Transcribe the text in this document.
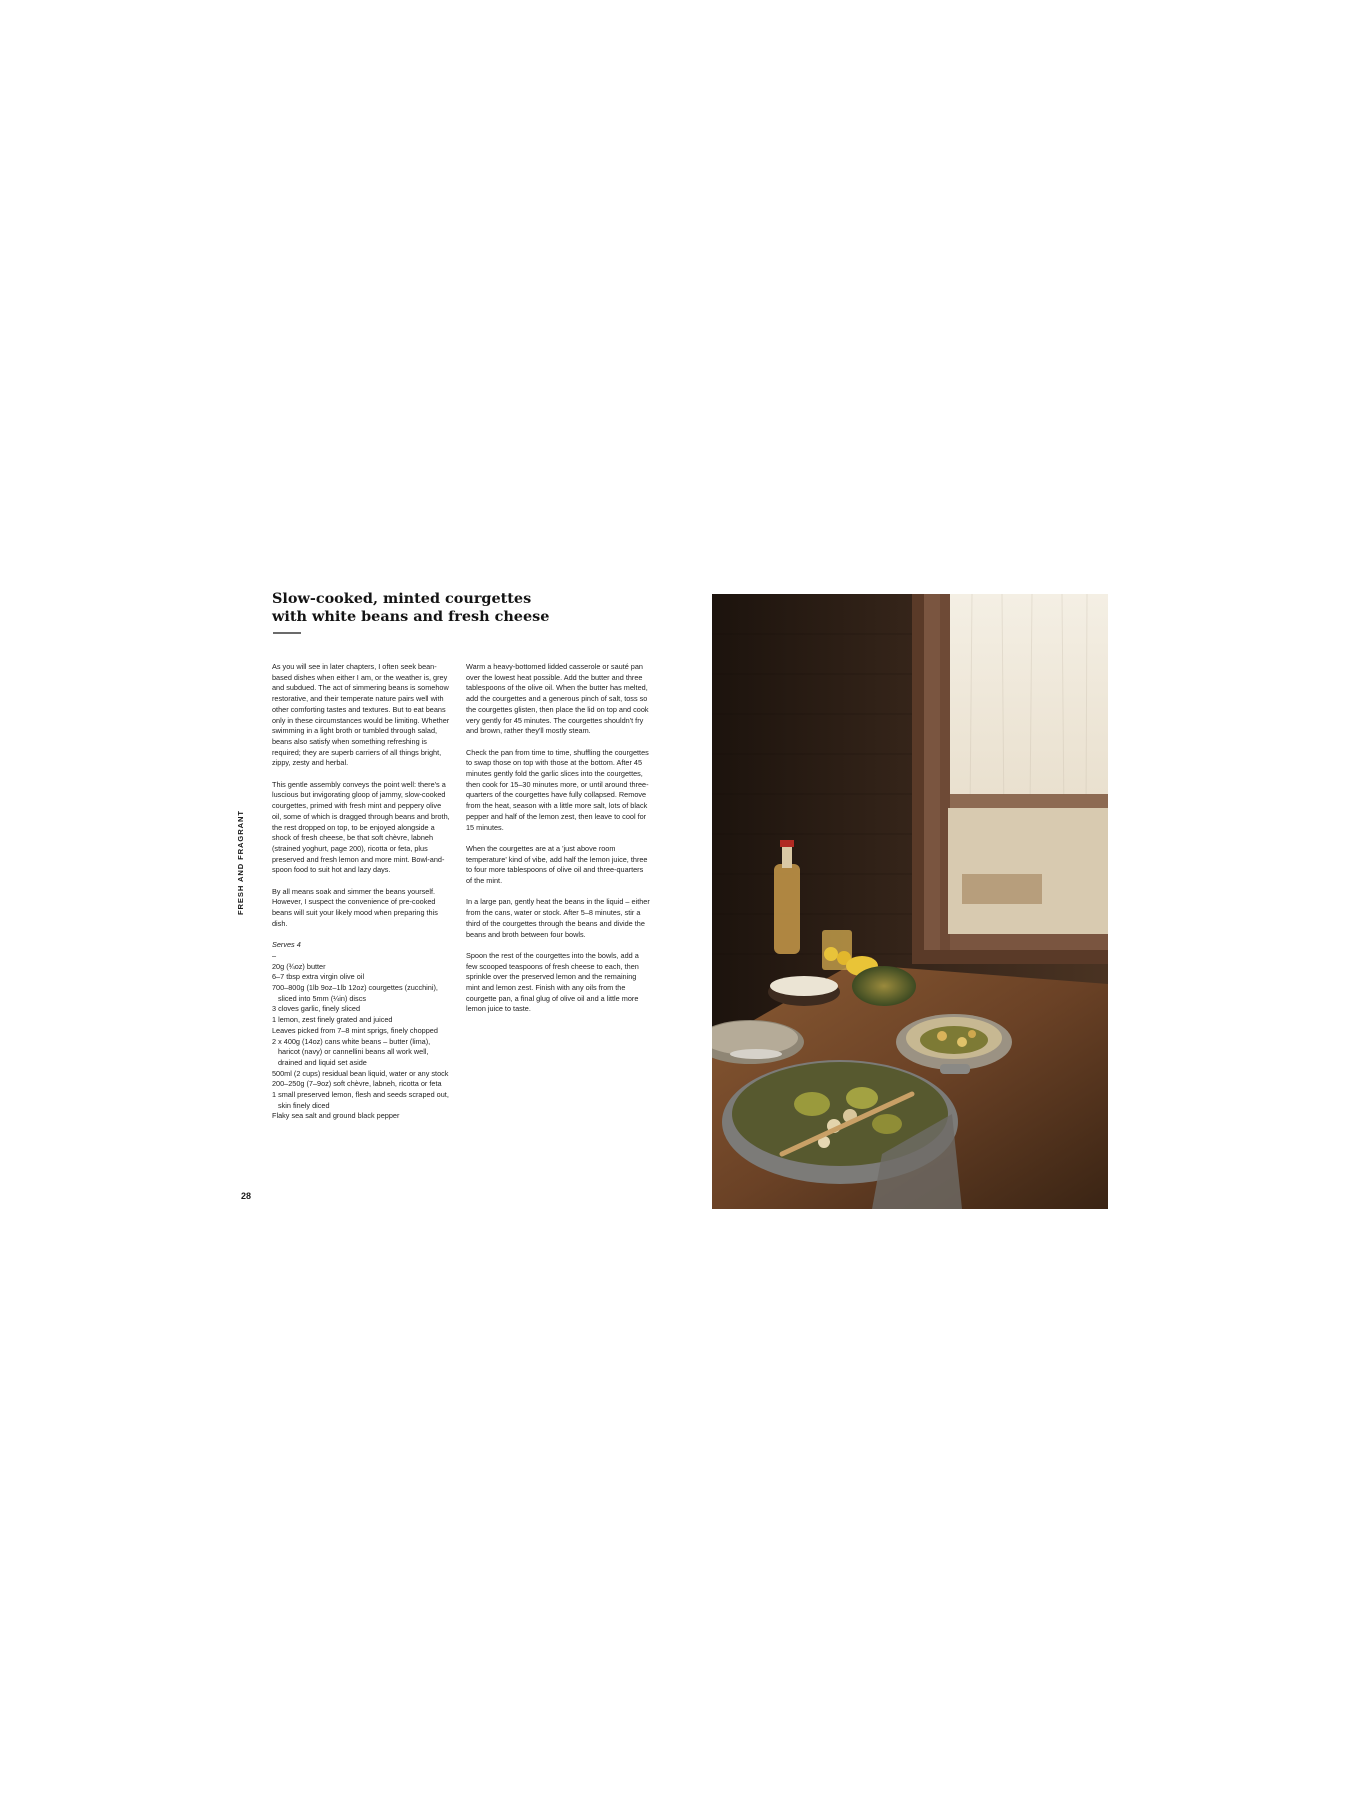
FRESH AND FRAGRANT
28
Slow-cooked, minted courgettes
with white beans and fresh cheese

As you will see in later chapters, I often seek bean-based dishes when either I am, or the weather is, grey and subdued. The act of simmering beans is somehow restorative, and their temperate nature pairs well with other comforting tastes and textures. But to eat beans only in these circumstances would be limiting. Whether swimming in a light broth or tumbled through salad, beans also satisfy when something refreshing is required; they are superb carriers of all things bright, zippy, zesty and herbal.

This gentle assembly conveys the point well: there's a luscious but invigorating gloop of jammy, slow-cooked courgettes, primed with fresh mint and peppery olive oil, some of which is dragged through beans and broth, the rest dropped on top, to be enjoyed alongside a shock of fresh cheese, be that soft chèvre, labneh (strained yoghurt, page 200), ricotta or feta, plus preserved and fresh lemon and more mint. Bowl-and-spoon food to suit hot and lazy days.

By all means soak and simmer the beans yourself. However, I suspect the convenience of pre-cooked beans will suit your likely mood when preparing this dish.

Serves 4
–
20g (¾oz) butter
6–7 tbsp extra virgin olive oil
700–800g (1lb 9oz–1lb 12oz) courgettes (zucchini), sliced into 5mm (¼in) discs
3 cloves garlic, finely sliced
1 lemon, zest finely grated and juiced
Leaves picked from 7–8 mint sprigs, finely chopped
2 x 400g (14oz) cans white beans – butter (lima), haricot (navy) or cannellini beans all work well, drained and liquid set aside
500ml (2 cups) residual bean liquid, water or any stock
200–250g (7–9oz) soft chèvre, labneh, ricotta or feta
1 small preserved lemon, flesh and seeds scraped out, skin finely diced
Flaky sea salt and ground black pepper

Warm a heavy-bottomed lidded casserole or sauté pan over the lowest heat possible. Add the butter and three tablespoons of the olive oil. When the butter has melted, add the courgettes and a generous pinch of salt, toss so the courgettes glisten, then place the lid on top and cook very gently for 45 minutes. The courgettes shouldn't fry and brown, rather they'll mostly steam.

Check the pan from time to time, shuffling the courgettes to swap those on top with those at the bottom. After 45 minutes gently fold the garlic slices into the courgettes, then cook for 15–30 minutes more, or until around three-quarters of the courgettes have fully collapsed. Remove from the heat, season with a little more salt, lots of black pepper and half of the lemon zest, then leave to cool for 15 minutes.

When the courgettes are at a 'just above room temperature' kind of vibe, add half the lemon juice, three to four more tablespoons of olive oil and three-quarters of the mint.

In a large pan, gently heat the beans in the liquid – either from the cans, water or stock. After 5–8 minutes, stir a third of the courgettes through the beans and divide the beans and broth between four bowls.

Spoon the rest of the courgettes into the bowls, add a few scooped teaspoons of fresh cheese to each, then sprinkle over the preserved lemon and the remaining mint and lemon zest. Finish with any oils from the courgette pan, a final glug of olive oil and a little more lemon juice to taste.
